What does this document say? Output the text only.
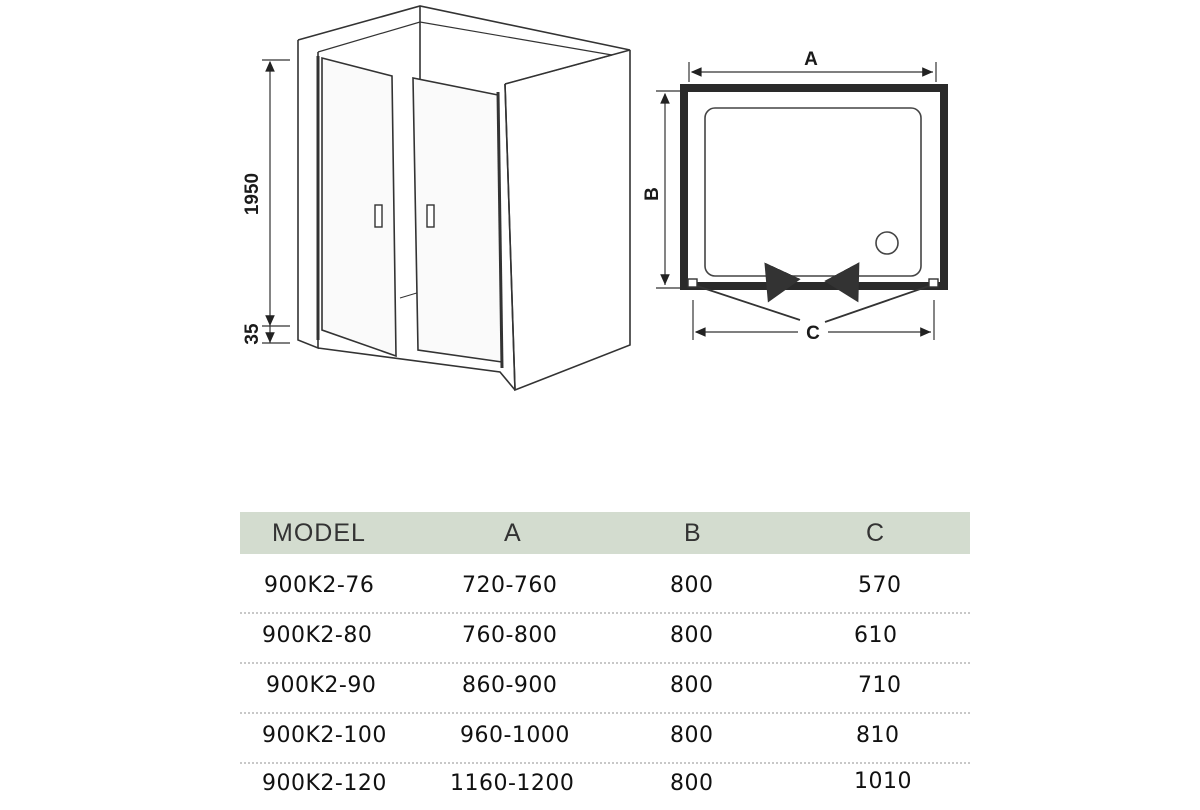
1950
35
A
B
C
MODEL	A	B	C
900K2-76	720-760	800	570
900K2-80	760-800	800	610
900K2-90	860-900	800	710
900K2-100	960-1000	800	810
900K2-120	1160-1200	800	1010
